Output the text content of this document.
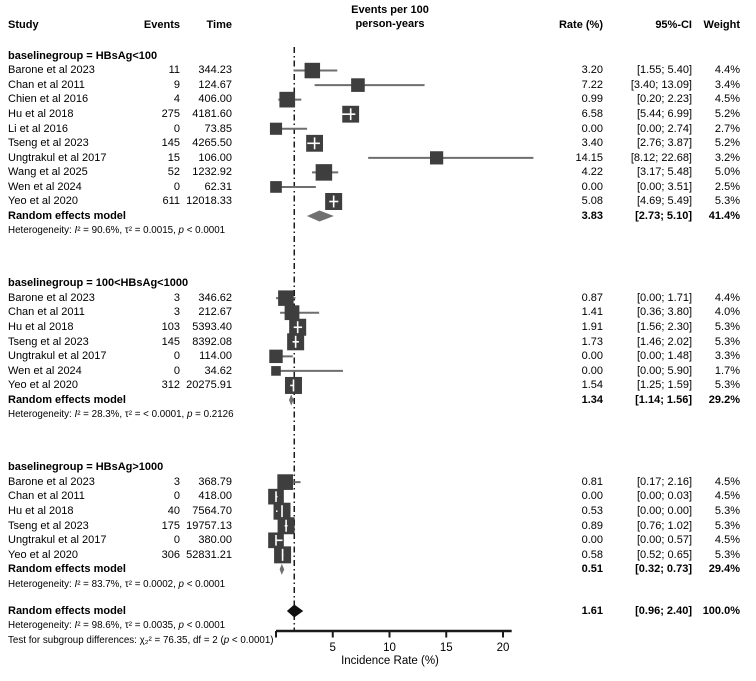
5	10	15	20
Events per 100
person-years
Study	Events	Time	Rate (%)	95%-CI	Weight
baselinegroup = HBsAg<100
Barone et al 2023	11	344.23	3.20	[1.55; 5.40]	4.4%
Chan et al 2011	9	124.67	7.22	[3.40; 13.09]	3.4%
Chien et al 2016	4	406.00	0.99	[0.20; 2.23]	4.5%
Hu et al 2018	275	4181.60	6.58	[5.44; 6.99]	5.2%
Li et al 2016	0	73.85	0.00	[0.00; 2.74]	2.7%
Tseng et al 2023	145	4265.50	3.40	[2.76; 3.87]	5.2%
Ungtrakul et al 2017	15	106.00	14.15	[8.12; 22.68]	3.2%
Wang et al 2025	52	1232.92	4.22	[3.17; 5.48]	5.0%
Wen et al 2024	0	62.31	0.00	[0.00; 3.51]	2.5%
Yeo et al 2020	611 12018.33	5.08	[4.69; 5.49]	5.3%
Random effects model	3.83	[2.73; 5.10]	41.4%
Heterogeneity: I² = 90.6%, τ² = 0.0015, p < 0.0001
baselinegroup = 100<HBsAg<1000
Barone et al 2023	3	346.62	0.87	[0.00; 1.71]	4.4%
Chan et al 2011	3	212.67	1.41	[0.36; 3.80]	4.0%
Hu et al 2018	103	5393.40	1.91	[1.56; 2.30]	5.3%
Tseng et al 2023	145	8392.08	1.73	[1.46; 2.02]	5.3%
Ungtrakul et al 2017	0	114.00	0.00	[0.00; 1.48]	3.3%
Wen et al 2024	0	34.62	0.00	[0.00; 5.90]	1.7%
Yeo et al 2020	312 20275.91	1.54	[1.25; 1.59]	5.3%
Random effects model	1.34	[1.14; 1.56]	29.2%
Heterogeneity: I² = 28.3%, τ² = < 0.0001, p = 0.2126
baselinegroup = HBsAg>1000
Barone et al 2023	3	368.79	0.81	[0.17; 2.16]	4.5%
Chan et al 2011	0	418.00	0.00	[0.00; 0.03]	4.5%
Hu et al 2018	40	7564.70	0.53	[0.00; 0.00]	5.3%
Tseng et al 2023	175 19757.13	0.89	[0.76; 1.02]	5.3%
Ungtrakul et al 2017	0	380.00	0.00	[0.00; 0.57]	4.5%
Yeo et al 2020	306 52831.21	0.58	[0.52; 0.65]	5.3%
Random effects model	0.51	[0.32; 0.73]	29.4%
Heterogeneity: I² = 83.7%, τ² = 0.0002, p < 0.0001
Random effects model	1.61	[0.96; 2.40] 100.0%
Heterogeneity: I² = 98.6%, τ² = 0.0035, p < 0.0001
Test for subgroup differences: χ₂² = 76.35, df = 2 (p < 0.0001)
Incidence Rate (%)
